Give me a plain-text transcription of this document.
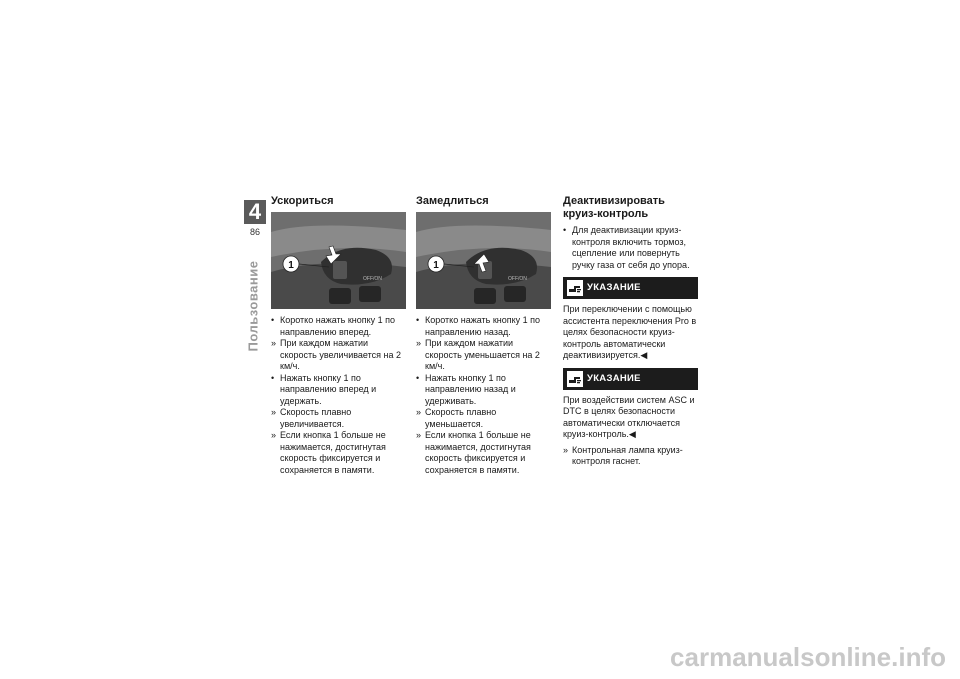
4
86
Пользование
Ускориться
OFF/ON
1
• Коротко нажать кнопку 1 по направлению вперед.
» При каждом нажатии скорость увеличивается на 2 км/ч.
• Нажать кнопку 1 по направлению вперед и удержать.
» Скорость плавно увеличивается.
» Если кнопка 1 больше не нажимается, достигнутая скорость фиксируется и сохраняется в памяти.
Замедлиться
OFF/ON
1
• Коротко нажать кнопку 1 по направлению назад.
» При каждом нажатии скорость уменьшается на 2 км/ч.
• Нажать кнопку 1 по направлению назад и удерживать.
» Скорость плавно уменьшается.
» Если кнопка 1 больше не нажимается, достигнутая скорость фиксируется и сохраняется в памяти.
Деактивизировать круиз-контроль
• Для деактивизации круиз-контроля включить тормоз, сцепление или повернуть ручку газа от себя до упора.
УКАЗАНИЕ

При переключении с помощью ассистента переключения Pro в целях безопасности круиз-контроль автоматически деактивизируется.◀

УКАЗАНИЕ

При воздействии систем ASC и DTC в целях безопасности автоматически отключается круиз-контроль.◀

» Контрольная лампа круиз-контроля гаснет.
carmanualsonline.info
